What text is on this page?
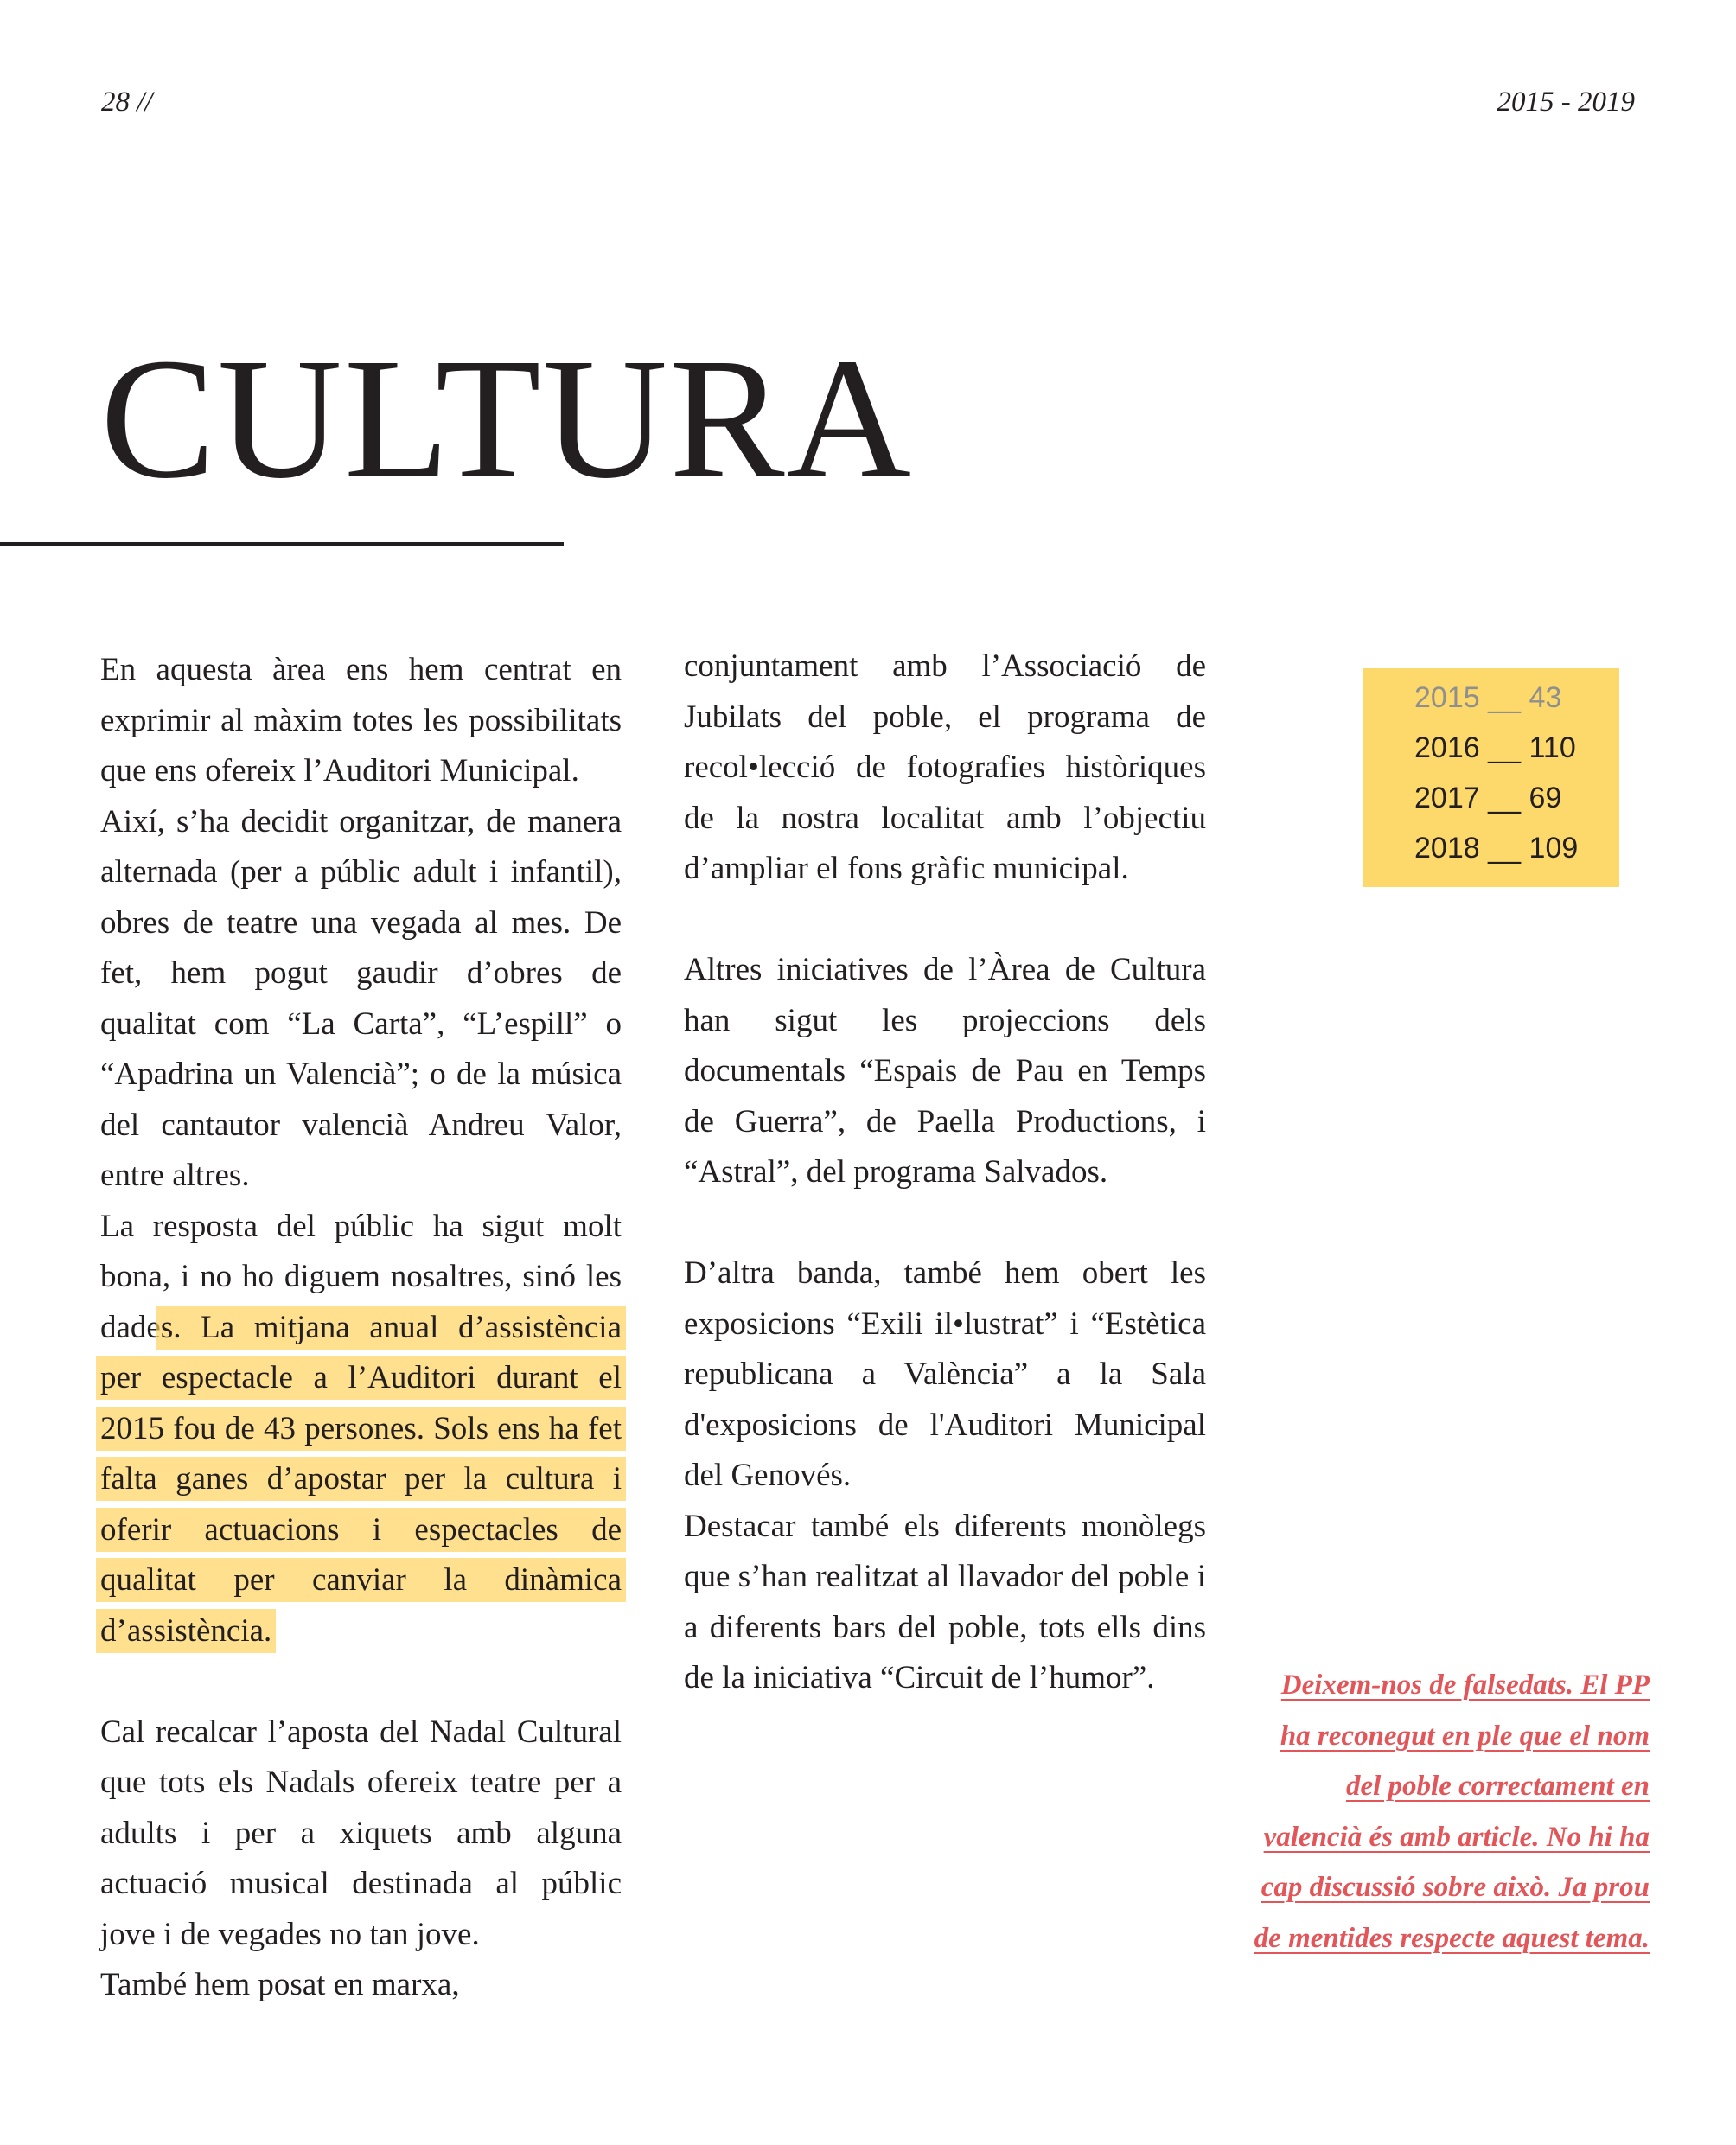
28 //	2015 - 2019
CULTURA

En aquesta àrea ens hem centrat en exprimir al màxim totes les possibilitats que ens ofereix l’Auditori Municipal.

Així, s’ha decidit organitzar, de manera alternada (per a públic adult i infantil), obres de teatre una vegada al mes. De fet, hem pogut gaudir d’obres de qualitat com “La Carta”, “L’espill” o “Apadrina un Valencià”; o de la música del cantautor valencià Andreu Valor, entre altres.

La resposta del públic ha sigut molt bona, i no ho diguem nosaltres, sinó les dades. La mitjana anual d’assistència per espectacle a l’Auditori durant el 2015 fou de 43 persones. Sols ens ha fet falta ganes d’apostar per la cultura i oferir actuacions i espectacles de qualitat per canviar la dinàmica d’assistència.

Cal recalcar l’aposta del Nadal Cultural que tots els Nadals ofereix teatre per a adults i per a xiquets amb alguna actuació musical destinada al públic jove i de vegades no tan jove.

També hem posat en marxa,

conjuntament amb l’Associació de Jubilats del poble, el programa de recol•lecció de fotografies històriques de la nostra localitat amb l’objectiu d’ampliar el fons gràfic municipal.

Altres iniciatives de l’Àrea de Cultura han sigut les projeccions dels documentals “Espais de Pau en Temps de Guerra”, de Paella Productions, i “Astral”, del programa Salvados.

D’altra banda, també hem obert les exposicions “Exili il•lustrat” i “Estètica republicana a València” a la Sala d'exposicions de l'Auditori Municipal del Genovés.

Destacar també els diferents monòlegs que s’han realitzat al llavador del poble i a diferents bars del poble, tots ells dins de la iniciativa “Circuit de l’humor”.

2015 __ 43
2016 __ 110
2017 __ 69
2018 __ 109
Deixem-nos de falsedats. El PP ha reconegut en ple que el nom del poble correctament en valencià és amb article. No hi ha cap discussió sobre això. Ja prou de mentides respecte aquest tema.
